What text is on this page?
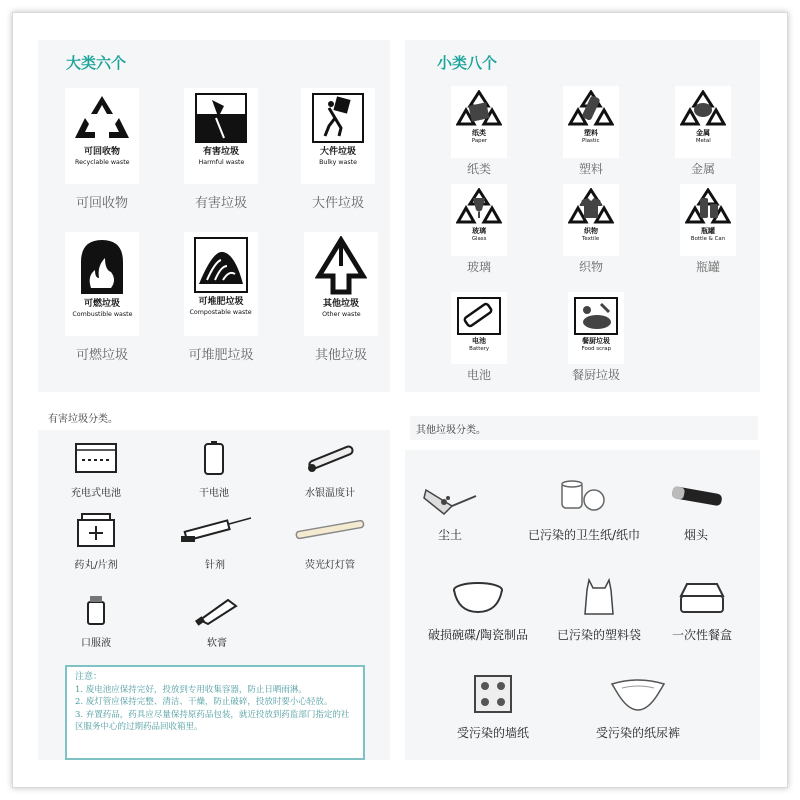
大类六个
可回收物
Recyclable waste
可回收物
有害垃圾
Harmful waste
有害垃圾
大件垃圾
Bulky waste
大件垃圾
可燃垃圾
Combustible waste
可燃垃圾
可堆肥垃圾
Compostable waste
可堆肥垃圾
其他垃圾
Other waste
其他垃圾
小类八个
纸类
Paper
纸类
塑料
Plastic
塑料
金属
Metal
金属
玻璃
Glass
玻璃
织物
Textile
织物
瓶罐
Bottle & Can
瓶罐
电池
Battery
电池
餐厨垃圾
Food scrap
餐厨垃圾
有害垃圾分类。
充电式电池	干电池	水银温度计
药丸/片剂	针剂	荧光灯灯管
口服液	软膏
注意：

1. 废电池应保持完好，投放到专用收集容器，防止日晒雨淋。

2. 废灯管应保持完整、清洁、干燥，防止破碎，投放时要小心轻放。

3. 弃置药品，药具应尽量保持原药品包装，就近投放到药监部门指定的社区服务中心的过期药品回收箱里。

其他垃圾分类。
尘土	已污染的卫生纸/纸巾	烟头
破损碗碟/陶瓷制品	已污染的塑料袋	一次性餐盒
受污染的墙纸	受污染的纸尿裤
